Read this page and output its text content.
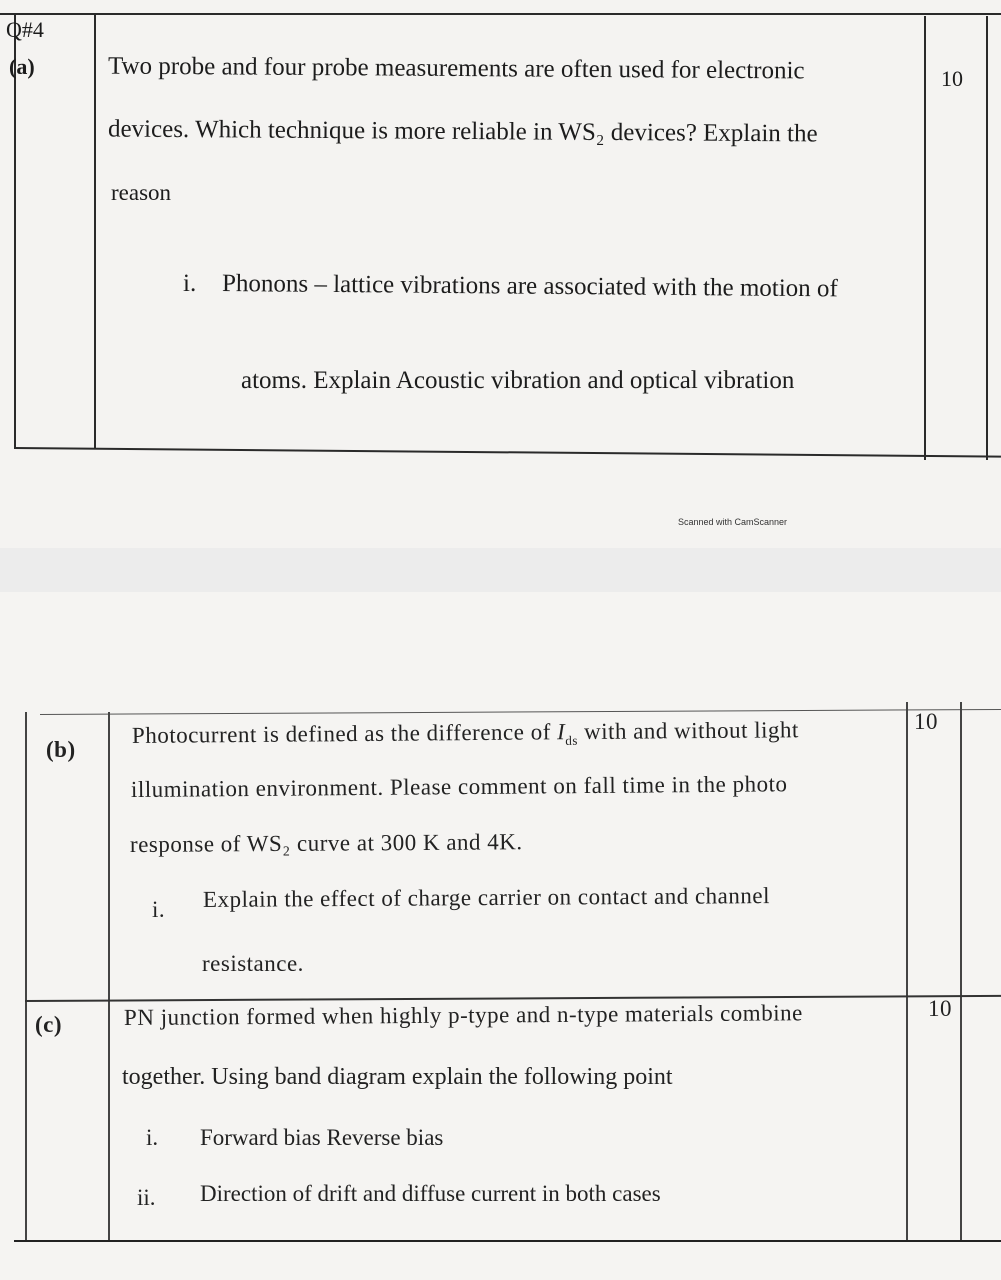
Q#4
(a)	10
Two probe and four probe measurements are often used for electronic
devices. Which technique is more reliable in WS₂ devices? Explain the
reason
i. Phonons – lattice vibrations are associated with the motion of
atoms. Explain Acoustic vibration and optical vibration
Scanned with CamScanner
(b)
10
Photocurrent is defined as the difference of $I_{ds}$ with and without light
illumination environment. Please comment on fall time in the photo
response of WS₂ curve at 300 K and 4K.
i. Explain the effect of charge carrier on contact and channel
resistance.
(c)
10
PN junction formed when highly p-type and n-type materials combine
together. Using band diagram explain the following point
i. Forward bias Reverse bias
ii. Direction of drift and diffuse current in both cases
